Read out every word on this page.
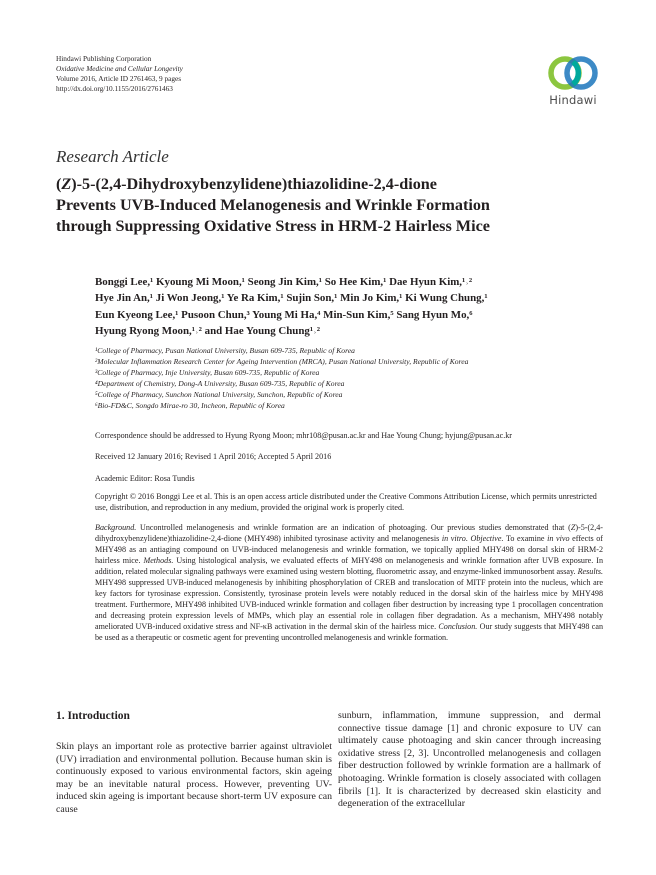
Hindawi Publishing Corporation
Oxidative Medicine and Cellular Longevity
Volume 2016, Article ID 2761463, 9 pages
http://dx.doi.org/10.1155/2016/2761463
Hindawi
Research Article
(Z)-5-(2,4-Dihydroxybenzylidene)thiazolidine-2,4-dione
Prevents UVB-Induced Melanogenesis and Wrinkle Formation
through Suppressing Oxidative Stress in HRM-2 Hairless Mice
Bonggi Lee,¹ Kyoung Mi Moon,¹ Seong Jin Kim,¹ So Hee Kim,¹ Dae Hyun Kim,¹˒²
Hye Jin An,¹ Ji Won Jeong,¹ Ye Ra Kim,¹ Sujin Son,¹ Min Jo Kim,¹ Ki Wung Chung,¹
Eun Kyeong Lee,¹ Pusoon Chun,³ Young Mi Ha,⁴ Min-Sun Kim,⁵ Sang Hyun Mo,⁶
Hyung Ryong Moon,¹˒² and Hae Young Chung¹˒²
¹College of Pharmacy, Pusan National University, Busan 609-735, Republic of Korea
²Molecular Inflammation Research Center for Ageing Intervention (MRCA), Pusan National University, Republic of Korea
³College of Pharmacy, Inje University, Busan 609-735, Republic of Korea
⁴Department of Chemistry, Dong-A University, Busan 609-735, Republic of Korea
⁵College of Pharmacy, Sunchon National University, Sunchon, Republic of Korea
⁶Bio-FD&C, Songdo Mirae-ro 30, Incheon, Republic of Korea
Correspondence should be addressed to Hyung Ryong Moon; mhr108@pusan.ac.kr and Hae Young Chung; hyjung@pusan.ac.kr
Received 12 January 2016; Revised 1 April 2016; Accepted 5 April 2016
Academic Editor: Rosa Tundis
Copyright © 2016 Bonggi Lee et al. This is an open access article distributed under the Creative Commons Attribution License, which permits unrestricted use, distribution, and reproduction in any medium, provided the original work is properly cited.
Background. Uncontrolled melanogenesis and wrinkle formation are an indication of photoaging. Our previous studies demonstrated that (Z)-5-(2,4-dihydroxybenzylidene)thiazolidine-2,4-dione (MHY498) inhibited tyrosinase activity and melanogenesis in vitro. Objective. To examine in vivo effects of MHY498 as an antiaging compound on UVB-induced melanogenesis and wrinkle formation, we topically applied MHY498 on dorsal skin of HRM-2 hairless mice. Methods. Using histological analysis, we evaluated effects of MHY498 on melanogenesis and wrinkle formation after UVB exposure. In addition, related molecular signaling pathways were examined using western blotting, fluorometric assay, and enzyme-linked immunosorbent assay. Results. MHY498 suppressed UVB-induced melanogenesis by inhibiting phosphorylation of CREB and translocation of MITF protein into the nucleus, which are key factors for tyrosinase expression. Consistently, tyrosinase protein levels were notably reduced in the dorsal skin of the hairless mice by MHY498 treatment. Furthermore, MHY498 inhibited UVB-induced wrinkle formation and collagen fiber destruction by increasing type 1 procollagen concentration and decreasing protein expression levels of MMPs, which play an essential role in collagen fiber degradation. As a mechanism, MHY498 notably ameliorated UVB-induced oxidative stress and NF-κB activation in the dermal skin of the hairless mice. Conclusion. Our study suggests that MHY498 can be used as a therapeutic or cosmetic agent for preventing uncontrolled melanogenesis and wrinkle formation.
1. Introduction
Skin plays an important role as protective barrier against ultraviolet (UV) irradiation and environmental pollution. Because human skin is continuously exposed to various environmental factors, skin ageing may be an inevitable natural process. However, preventing UV-induced skin ageing is important because short-term UV exposure can cause
sunburn, inflammation, immune suppression, and dermal connective tissue damage [1] and chronic exposure to UV can ultimately cause photoaging and skin cancer through increasing oxidative stress [2, 3]. Uncontrolled melanogenesis and collagen fiber destruction followed by wrinkle formation are a hallmark of photoaging. Wrinkle formation is closely associated with collagen fibrils [1]. It is characterized by decreased skin elasticity and degeneration of the extracellular
